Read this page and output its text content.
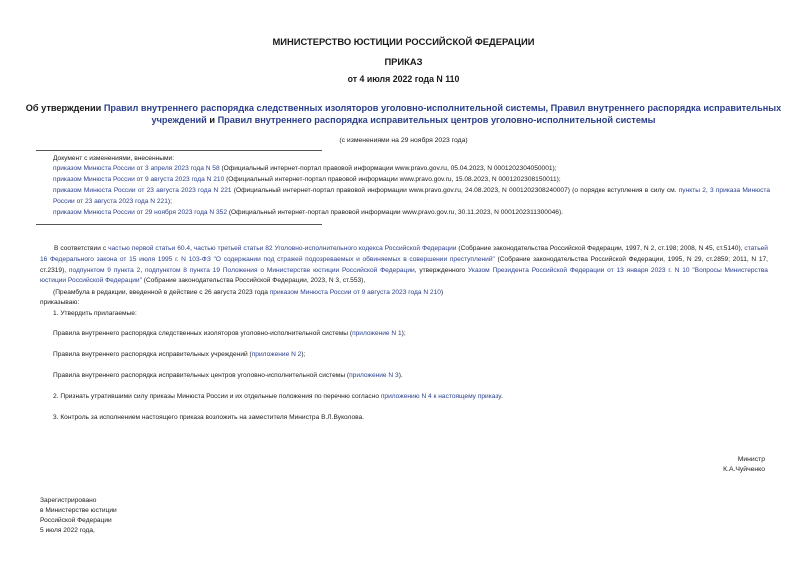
МИНИСТЕРСТВО ЮСТИЦИИ РОССИЙСКОЙ ФЕДЕРАЦИИ
ПРИКАЗ
от 4 июля 2022 года N 110
Об утверждении Правил внутреннего распорядка следственных изоляторов уголовно-исполнительной системы, Правил внутреннего распорядка исправительных учреждений и Правил внутреннего распорядка исправительных центров уголовно-исполнительной системы
(с изменениями на 29 ноября 2023 года)
Документ с изменениями, внесенными:
приказом Минюста России от 3 апреля 2023 года N 58 (Официальный интернет-портал правовой информации www.pravo.gov.ru, 05.04.2023, N 0001202304050001);
приказом Минюста России от 9 августа 2023 года N 210 (Официальный интернет-портал правовой информации www.pravo.gov.ru, 15.08.2023, N 0001202308150011);
приказом Минюста России от 23 августа 2023 года N 221 (Официальный интернет-портал правовой информации www.pravo.gov.ru, 24.08.2023, N 0001202308240007) (о порядке вступления в силу см. пункты 2, 3 приказа Минюста России от 23 августа 2023 года N 221);
приказом Минюста России от 29 ноября 2023 года N 352 (Официальный интернет-портал правовой информации www.pravo.gov.ru, 30.11.2023, N 0001202311300046).
В соответствии с частью первой статьи 60.4, частью третьей статьи 82 Уголовно-исполнительного кодекса Российской Федерации (Собрание законодательства Российской Федерации, 1997, N 2, ст.198; 2008, N 45, ст.5140), статьей 16 Федерального закона от 15 июля 1995 г. N 103-ФЗ "О содержании под стражей подозреваемых и обвиняемых в совершении преступлений" (Собрание законодательства Российской Федерации, 1995, N 29, ст.2859; 2011, N 17, ст.2319), подпунктом 9 пункта 2, подпунктом 8 пункта 19 Положения о Министерстве юстиции Российской Федерации, утвержденного Указом Президента Российской Федерации от 13 января 2023 г. N 10 "Вопросы Министерства юстиции Российской Федерации" (Собрание законодательства Российской Федерации, 2023, N 3, ст.553),
(Преамбула в редакции, введенной в действие с 26 августа 2023 года приказом Минюста России от 9 августа 2023 года N 210)
приказываю:
1. Утвердить прилагаемые:
Правила внутреннего распорядка следственных изоляторов уголовно-исполнительной системы (приложение N 1);
Правила внутреннего распорядка исправительных учреждений (приложение N 2);
Правила внутреннего распорядка исправительных центров уголовно-исполнительной системы (приложение N 3).
2. Признать утратившими силу приказы Минюста России и их отдельные положения по перечню согласно приложению N 4 к настоящему приказу.
3. Контроль за исполнением настоящего приказа возложить на заместителя Министра В.Л.Вуколова.
Министр
К.А.Чуйченко
Зарегистрировано
в Министерстве юстиции
Российской Федерации
5 июля 2022 года,
